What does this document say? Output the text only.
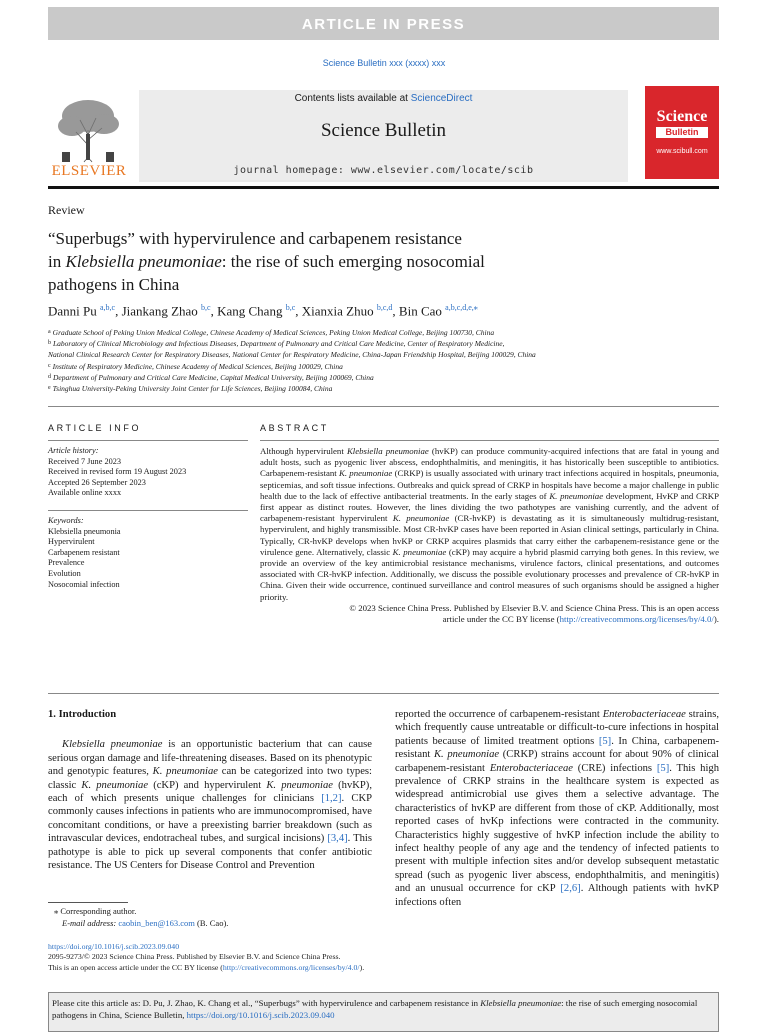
ARTICLE IN PRESS
Science Bulletin xxx (xxxx) xxx
ELSEVIER
Contents lists available at ScienceDirect
Science Bulletin
journal homepage: www.elsevier.com/locate/scib
Science
Bulletin
www.scibull.com
Review
“Superbugs” with hypervirulence and carbapenem resistance
in Klebsiella pneumoniae: the rise of such emerging nosocomial
pathogens in China
Danni Pu $^{a,b,c}$, Jiankang Zhao $^{b,c}$, Kang Chang $^{b,c}$, Xianxia Zhuo $^{b,c,d}$, Bin Cao $^{a,b,c,d,e,⁎}$
$^a$ Graduate School of Peking Union Medical College, Chinese Academy of Medical Sciences, Peking Union Medical College, Beijing 100730, China
$^b$ Laboratory of Clinical Microbiology and Infectious Diseases, Department of Pulmonary and Critical Care Medicine, Center of Respiratory Medicine,
National Clinical Research Center for Respiratory Diseases, National Center for Respiratory Medicine, China-Japan Friendship Hospital, Beijing 100029, China
$^c$ Institute of Respiratory Medicine, Chinese Academy of Medical Sciences, Beijing 100029, China
$^d$ Department of Pulmonary and Critical Care Medicine, Capital Medical University, Beijing 100069, China
$^e$ Tsinghua University-Peking University Joint Center for Life Sciences, Beijing 100084, China
ARTICLE INFO	ABSTRACT
Article history:
Received 7 June 2023
Received in revised form 19 August 2023
Accepted 26 September 2023
Available online xxxx
Keywords:
Klebsiella pneumonia
Hypervirulent
Carbapenem resistant
Prevalence
Evolution
Nosocomial infection
Although hypervirulent Klebsiella pneumoniae (hvKP) can produce community-acquired infections that are fatal in young and adult hosts, such as pyogenic liver abscess, endophthalmitis, and meningitis, it has historically been susceptible to antibiotics. Carbapenem-resistant K. pneumoniae (CRKP) is usually associated with urinary tract infections acquired in hospitals, pneumonia, septicemias, and soft tissue infections. Outbreaks and quick spread of CRKP in hospitals have become a major challenge in public health due to the lack of effective antibacterial treatments. In the early stages of K. pneumoniae development, HvKP and CRKP first appear as distinct routes. However, the lines dividing the two pathotypes are vanishing currently, and the advent of carbapenem-resistant hypervirulent K. pneumoniae (CR-hvKP) is devastating as it is simultaneously multidrug-resistant, hypervirulent, and highly transmissible. Most CR-hvKP cases have been reported in Asian clinical settings, particularly in China. Typically, CR-hvKP develops when hvKP or CRKP acquires plasmids that carry either the carbapenem-resistance gene or the virulence gene. Alternatively, classic K. pneumoniae (cKP) may acquire a hybrid plasmid carrying both genes. In this review, we provide an overview of the key antimicrobial resistance mechanisms, virulence factors, clinical presentations, and outcomes associated with CR-hvKP infection. Additionally, we discuss the possible evolutionary processes and prevalence of CR-hvKP in China. Given their wide occurrence, continued surveillance and control measures of such organisms should be assigned a higher priority.
© 2023 Science China Press. Published by Elsevier B.V. and Science China Press. This is an open access
article under the CC BY license (http://creativecommons.org/licenses/by/4.0/).
1. Introduction
Klebsiella pneumoniae is an opportunistic bacterium that can cause serious organ damage and life-threatening diseases. Based on its phenotypic and genotypic features, K. pneumoniae can be categorized into two types: classic K. pneumoniae (cKP) and hypervirulent K. pneumoniae (hvKP), each of which presents unique challenges for clinicians [1,2]. CKP commonly causes infections in patients who are immunocompromised, have concomitant conditions, or have a preexisting barrier breakdown (such as intravascular devices, endotracheal tubes, and surgical incisions) [3,4]. This pathotype is able to pick up several components that confer antibiotic resistance. The US Centers for Disease Control and Prevention
reported the occurrence of carbapenem-resistant Enterobacteriaceae strains, which frequently cause untreatable or difficult-to-cure infections in hospital patients because of limited treatment options [5]. In China, carbapenem-resistant K. pneumoniae (CRKP) strains account for about 90% of clinical carbapenem-resistant Enterobacteriaceae (CRE) infections [5]. This high prevalence of CRKP strains in the healthcare system is expected as widespread antimicrobial use gives them a selective advantage. The characteristics of hvKP are different from those of cKP. Additionally, most reported cases of hvKp infections were contracted in the community. Characteristics highly suggestive of hvKP infection include the ability to infect healthy people of any age and the tendency of infected patients to present with multiple infection sites and/or develop subsequent metastatic spread (such as pyogenic liver abscess, endophthalmitis, and meningitis) and an unusual occurrence for cKP [2,6]. Although patients with hvKP infections often
⁎ Corresponding author.
E-mail address: caobin_ben@163.com (B. Cao).
https://doi.org/10.1016/j.scib.2023.09.040
2095-9273/© 2023 Science China Press. Published by Elsevier B.V. and Science China Press.
This is an open access article under the CC BY license (http://creativecommons.org/licenses/by/4.0/).
Please cite this article as: D. Pu, J. Zhao, K. Chang et al., “Superbugs” with hypervirulence and carbapenem resistance in Klebsiella pneumoniae: the rise of such emerging nosocomial pathogens in China, Science Bulletin, https://doi.org/10.1016/j.scib.2023.09.040
